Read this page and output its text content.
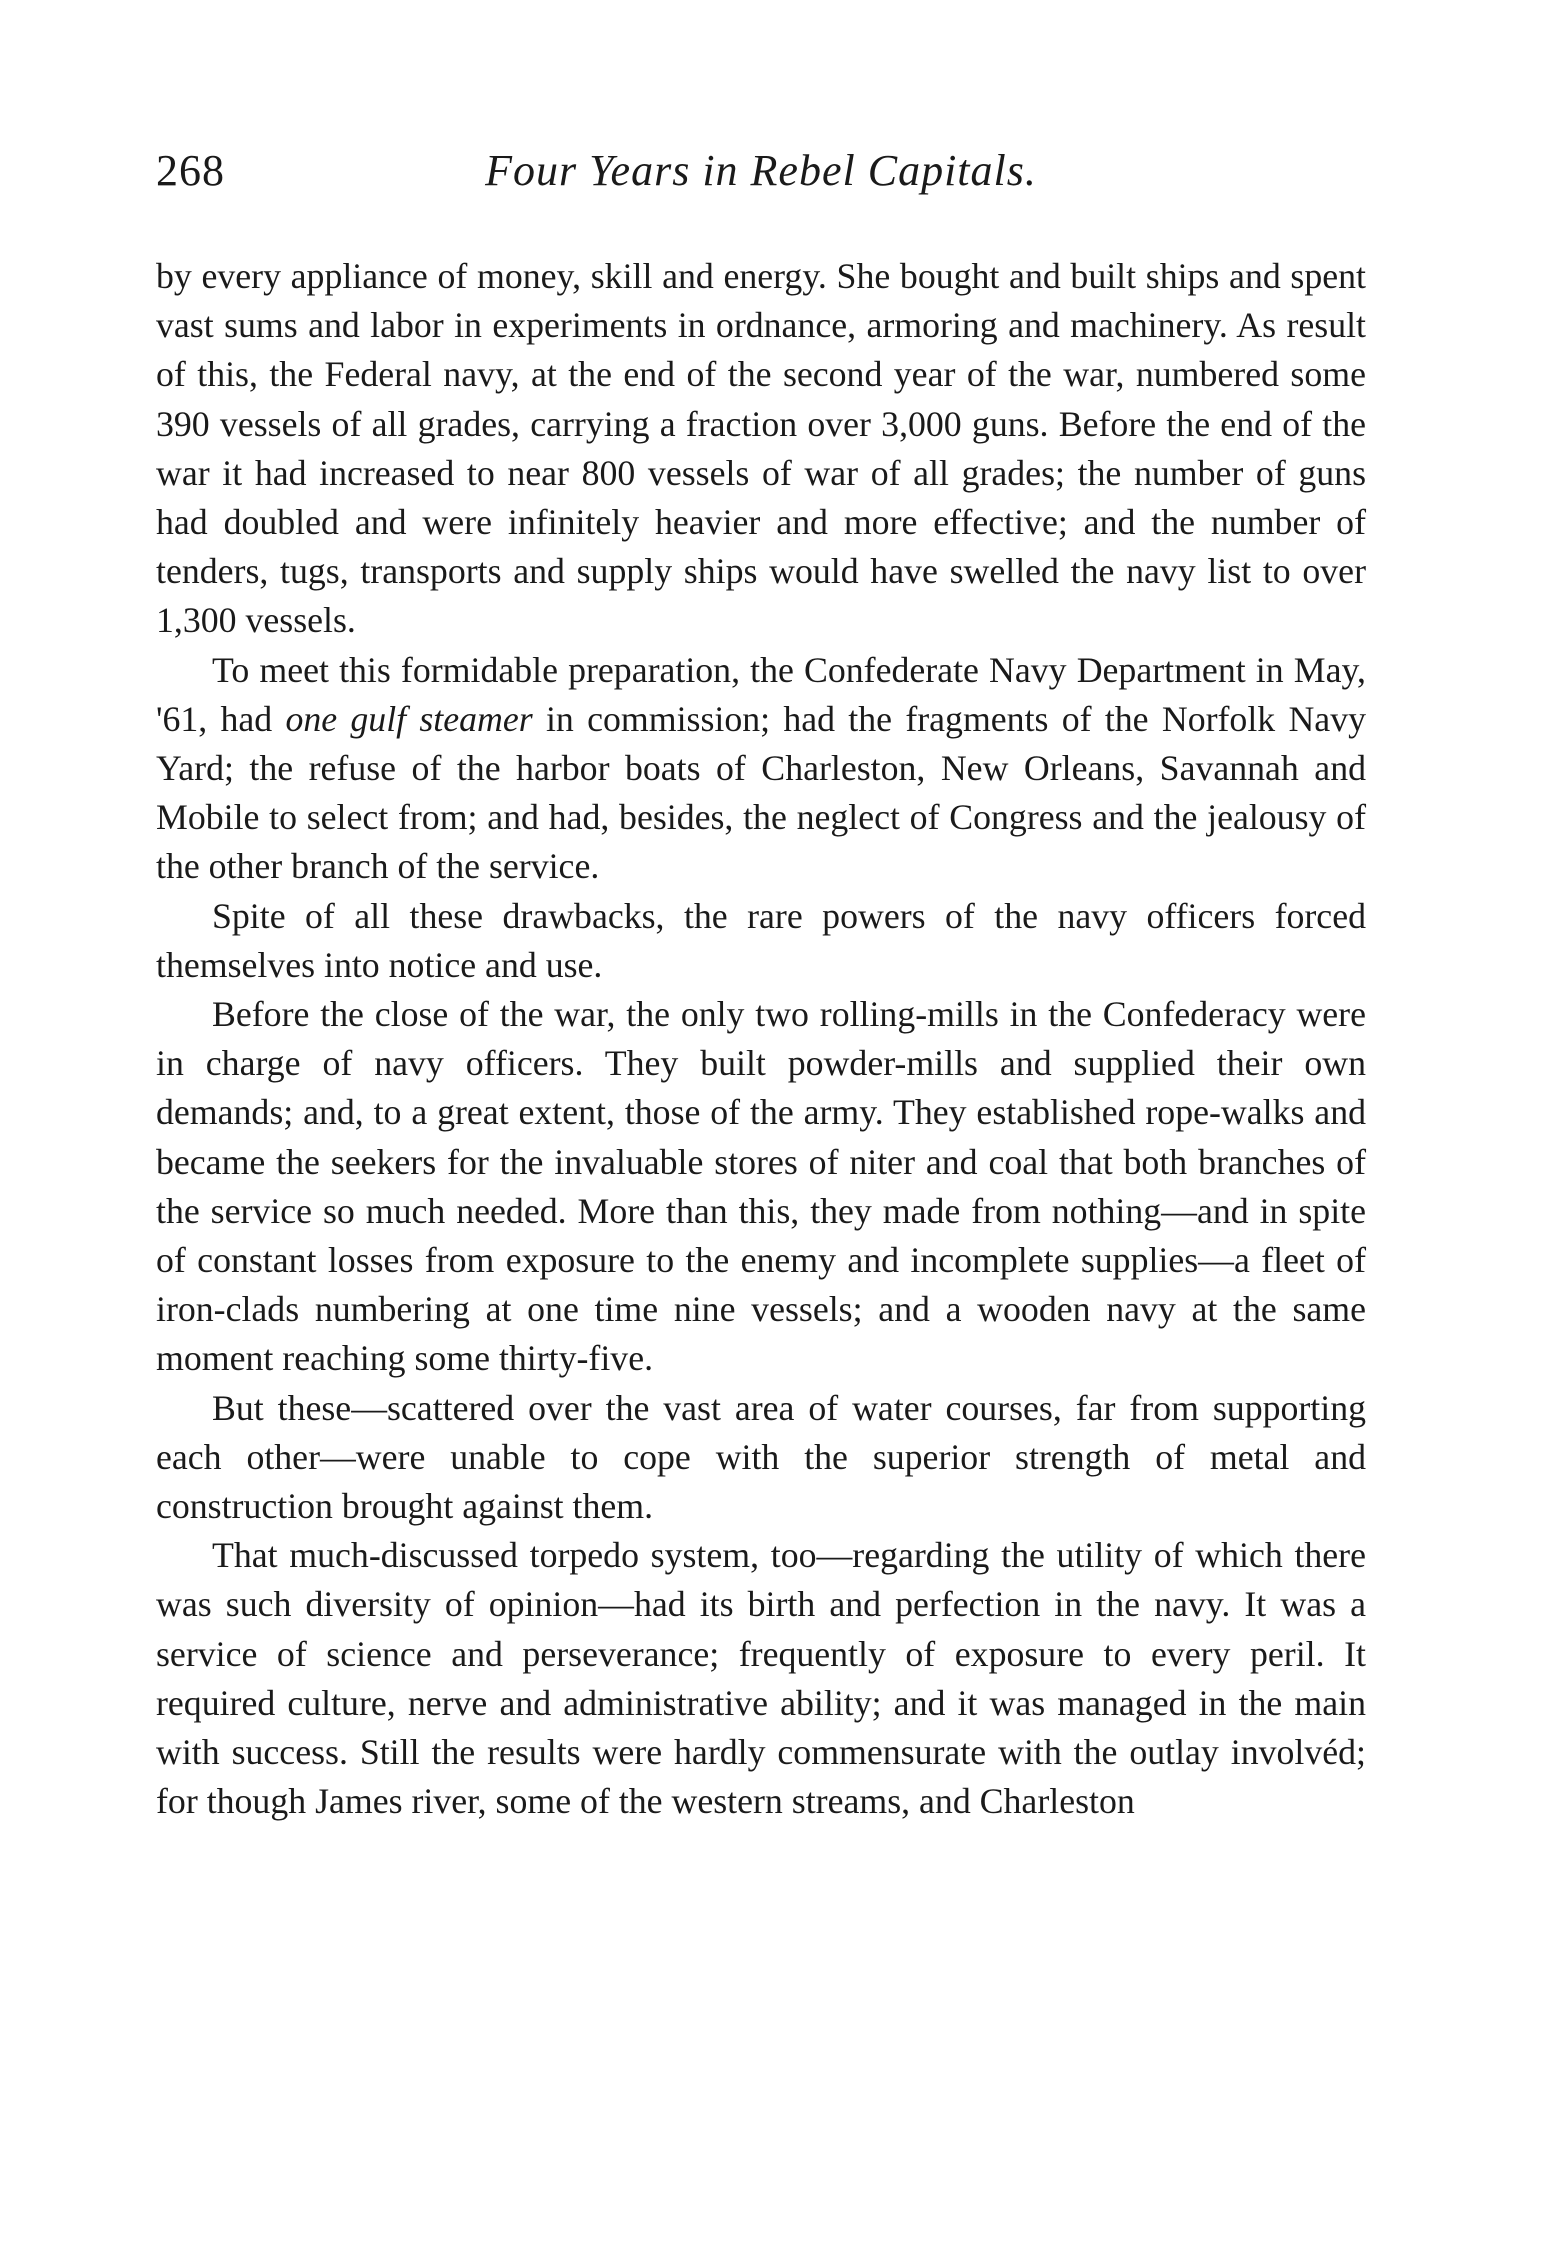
268	Four Years in Rebel Capitals.

by every appliance of money, skill and energy. She bought and built ships and spent vast sums and labor in experiments in ordnance, armoring and machinery. As result of this, the Federal navy, at the end of the second year of the war, numbered some 390 vessels of all grades, carrying a fraction over 3,000 guns. Before the end of the war it had increased to near 800 vessels of war of all grades; the number of guns had doubled and were infinitely heavier and more effective; and the number of tenders, tugs, transports and supply ships would have swelled the navy list to over 1,300 vessels.

To meet this formidable preparation, the Confederate Navy Department in May, '61, had one gulf steamer in commission; had the fragments of the Norfolk Navy Yard; the refuse of the harbor boats of Charleston, New Orleans, Savannah and Mobile to select from; and had, besides, the neglect of Congress and the jealousy of the other branch of the service.

Spite of all these drawbacks, the rare powers of the navy officers forced themselves into notice and use.

Before the close of the war, the only two rolling-mills in the Confederacy were in charge of navy officers. They built powder-mills and supplied their own demands; and, to a great extent, those of the army. They established rope-walks and became the seekers for the invaluable stores of niter and coal that both branches of the service so much needed. More than this, they made from nothing—and in spite of constant losses from exposure to the enemy and incomplete supplies—a fleet of iron-clads numbering at one time nine vessels; and a wooden navy at the same moment reaching some thirty-five.

But these—scattered over the vast area of water courses, far from supporting each other—were unable to cope with the superior strength of metal and construction brought against them.

That much-discussed torpedo system, too—regarding the utility of which there was such diversity of opinion—had its birth and perfection in the navy. It was a service of science and perseverance; frequently of exposure to every peril. It required culture, nerve and administrative ability; and it was managed in the main with success. Still the results were hardly commensurate with the outlay involvéd; for though James river, some of the western streams, and Charleston
